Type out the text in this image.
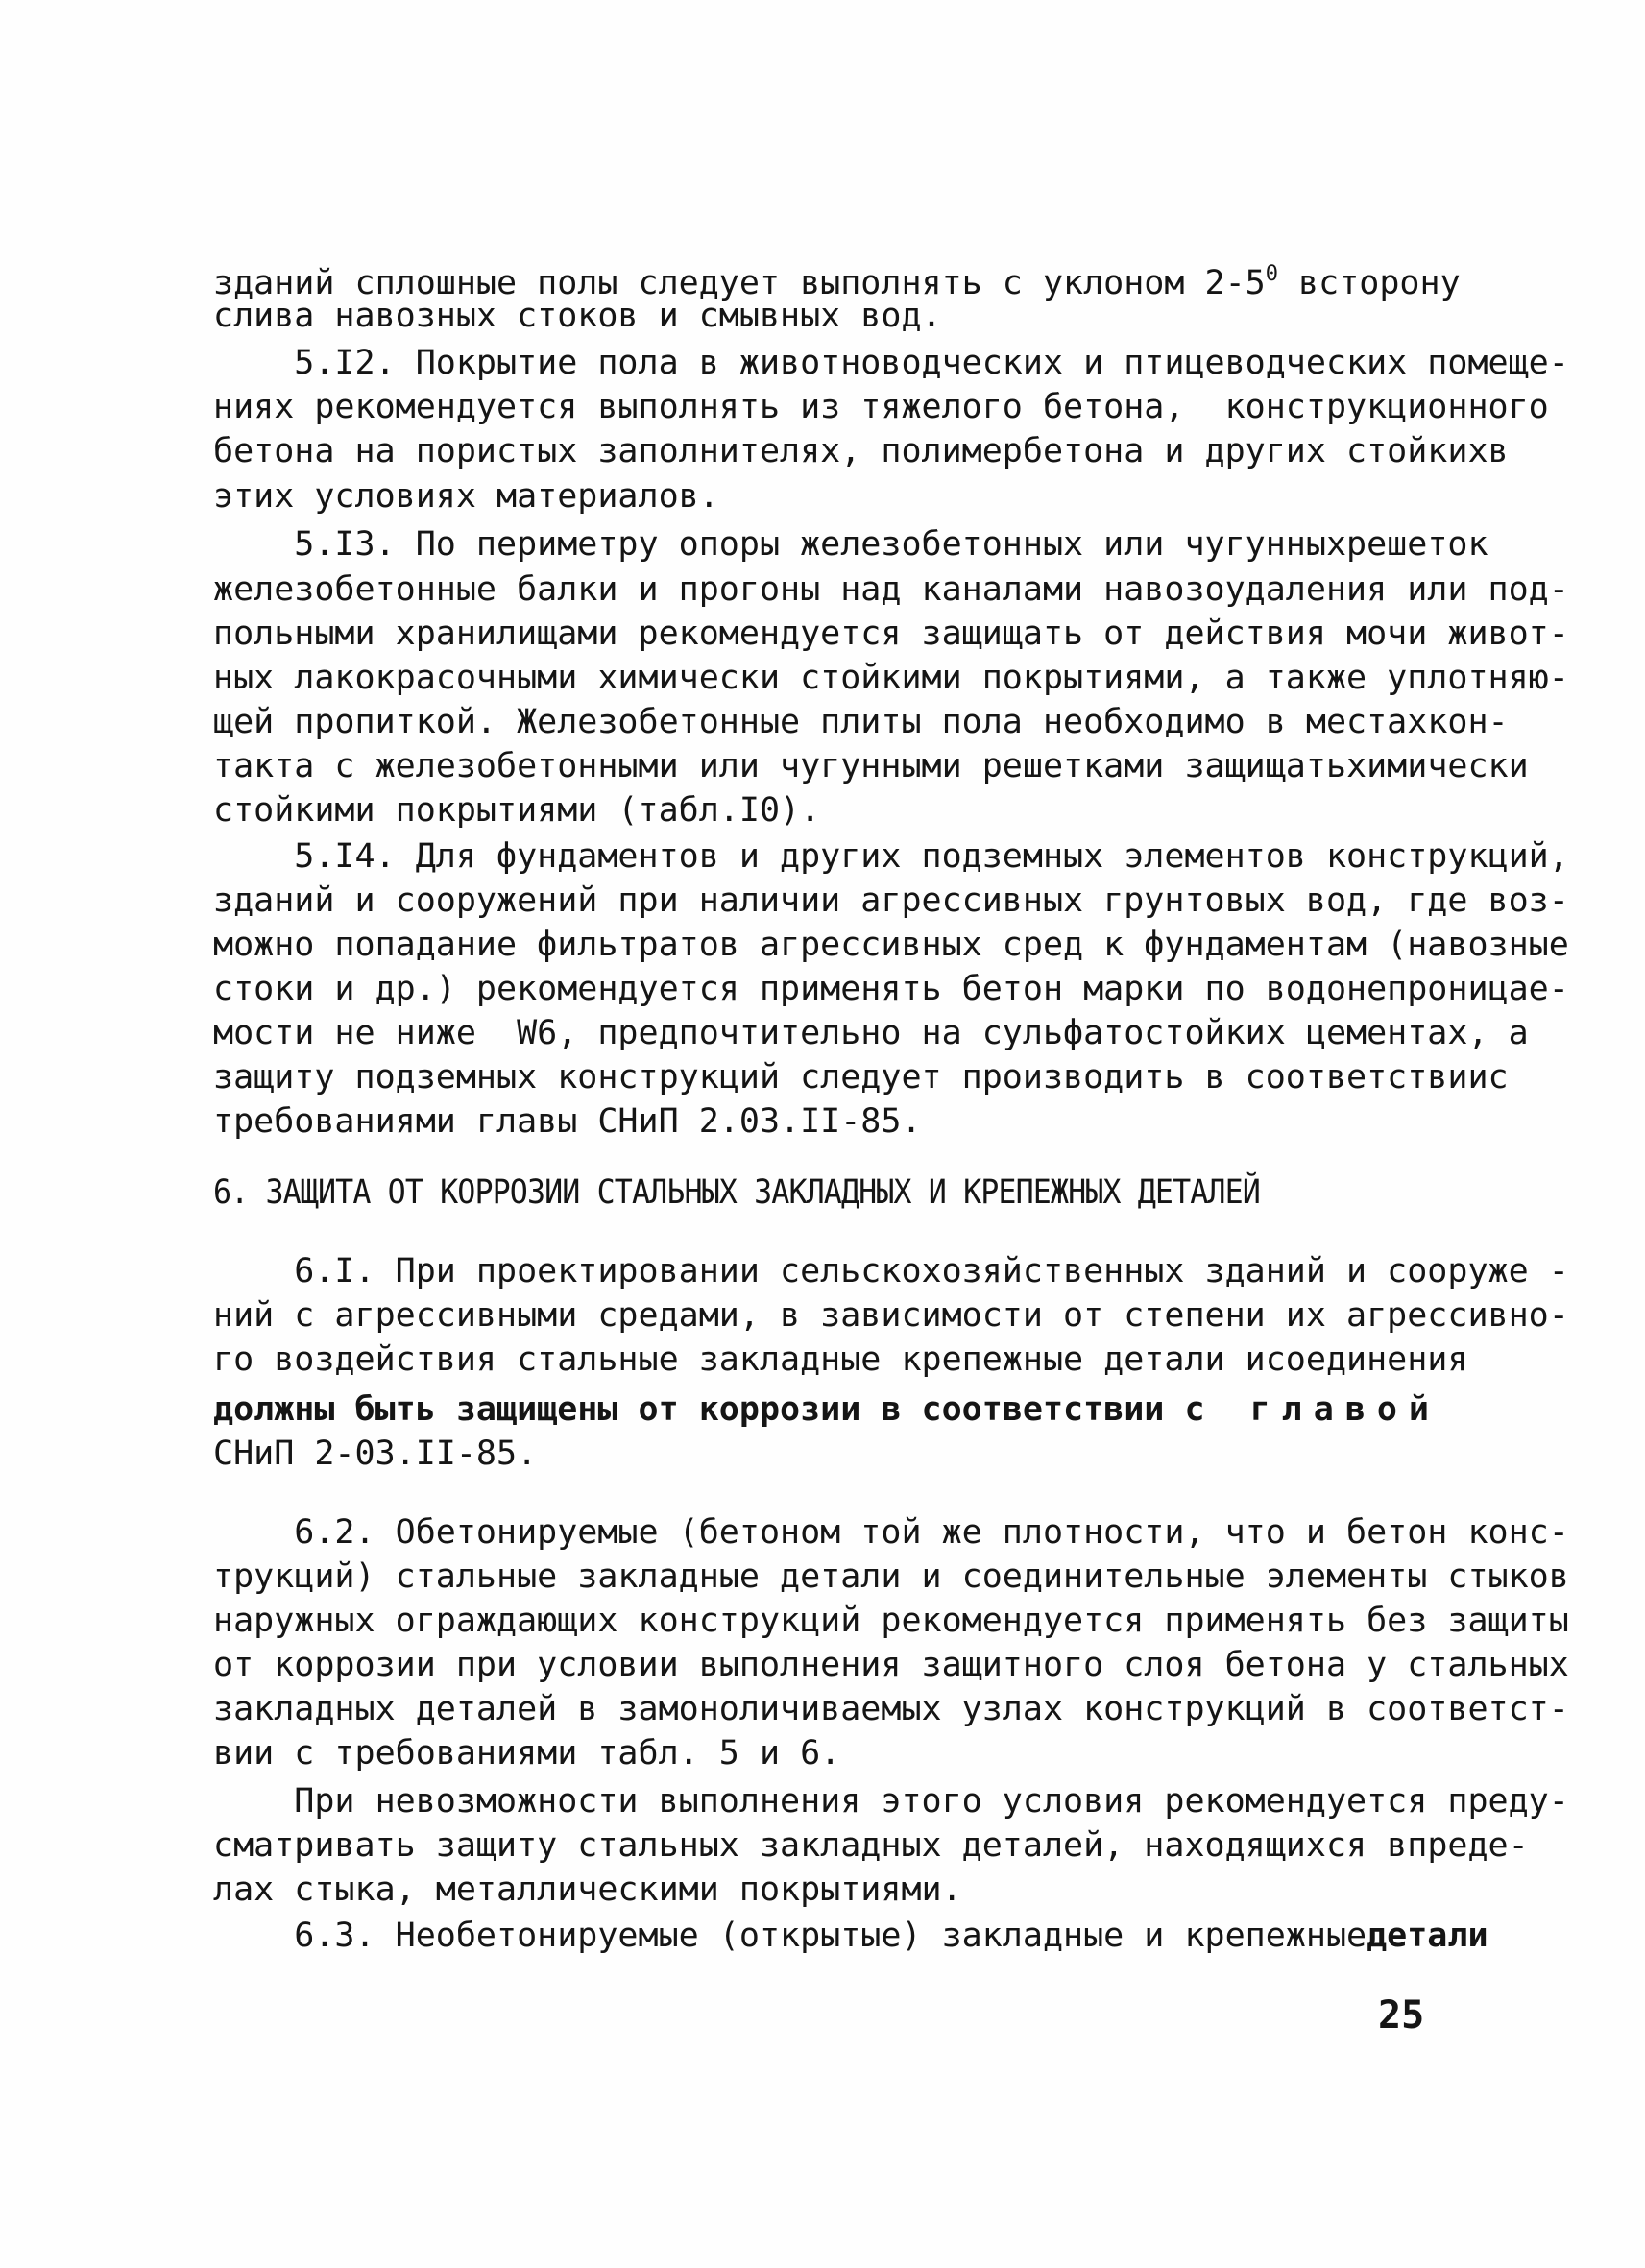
зданий сплошные полы следует выполнять с уклоном $2-5^0$ в сторону
слива навозных стоков и смывных вод.
5.I2. Покрытие пола в животноводческих и птицеводческих помеще-
ниях рекомендуется выполнять из тяжелого бетона,  конструкционного
бетона на пористых заполнителях, полимербетона и других стойких в
этих условиях материалов.
5.I3. По периметру опоры железобетонных или чугунных решеток
железобетонные балки и прогоны над каналами навозоудаления или под-
польными хранилищами рекомендуется защищать от действия мочи живот-
ных лакокрасочными химически стойкими покрытиями, а также уплотняю-
щей пропиткой. Железобетонные плиты пола необходимо в местах кон-
такта с железобетонными или чугунными решетками защищать химически
стойкими покрытиями (табл.I0).
5.I4. Для фундаментов и других подземных элементов конструкций,
зданий и сооружений при наличии агрессивных грунтовых вод, где воз-
можно попадание фильтратов агрессивных сред к фундаментам (навозные
стоки и др.) рекомендуется применять бетон марки по водонепроницае-
мости не ниже  W6, предпочтительно на сульфатостойких цементах, а
защиту подземных конструкций следует производить в соответствии с
требованиями главы СНиП 2.03.II-85.
6. ЗАЩИТА ОТ КОРРОЗИИ СТАЛЬНЫХ ЗАКЛАДНЫХ И КРЕПЕЖНЫХ ДЕТАЛЕЙ
6.I. При проектировании сельскохозяйственных зданий и сооруже -
ний с агрессивными средами, в зависимости от степени их агрессивно-
го воздействия стальные закладные крепежные детали и соединения
должны быть защищены от коррозии в соответствии с главой
СНиП 2-03.II-85.
6.2. Обетонируемые (бетоном той же плотности, что и бетон конс-
трукций) стальные закладные детали и соединительные элементы стыков
наружных ограждающих конструкций рекомендуется применять без защиты
от коррозии при условии выполнения защитного слоя бетона у стальных
закладных деталей в замоноличиваемых узлах конструкций в соответст-
вии с требованиями табл. 5 и 6.
При невозможности выполнения этого условия рекомендуется преду-
сматривать защиту стальных закладных деталей, находящихся в преде-
лах стыка, металлическими покрытиями.
6.3. Необетонируемые (открытые) закладные и крепежные детали
25
